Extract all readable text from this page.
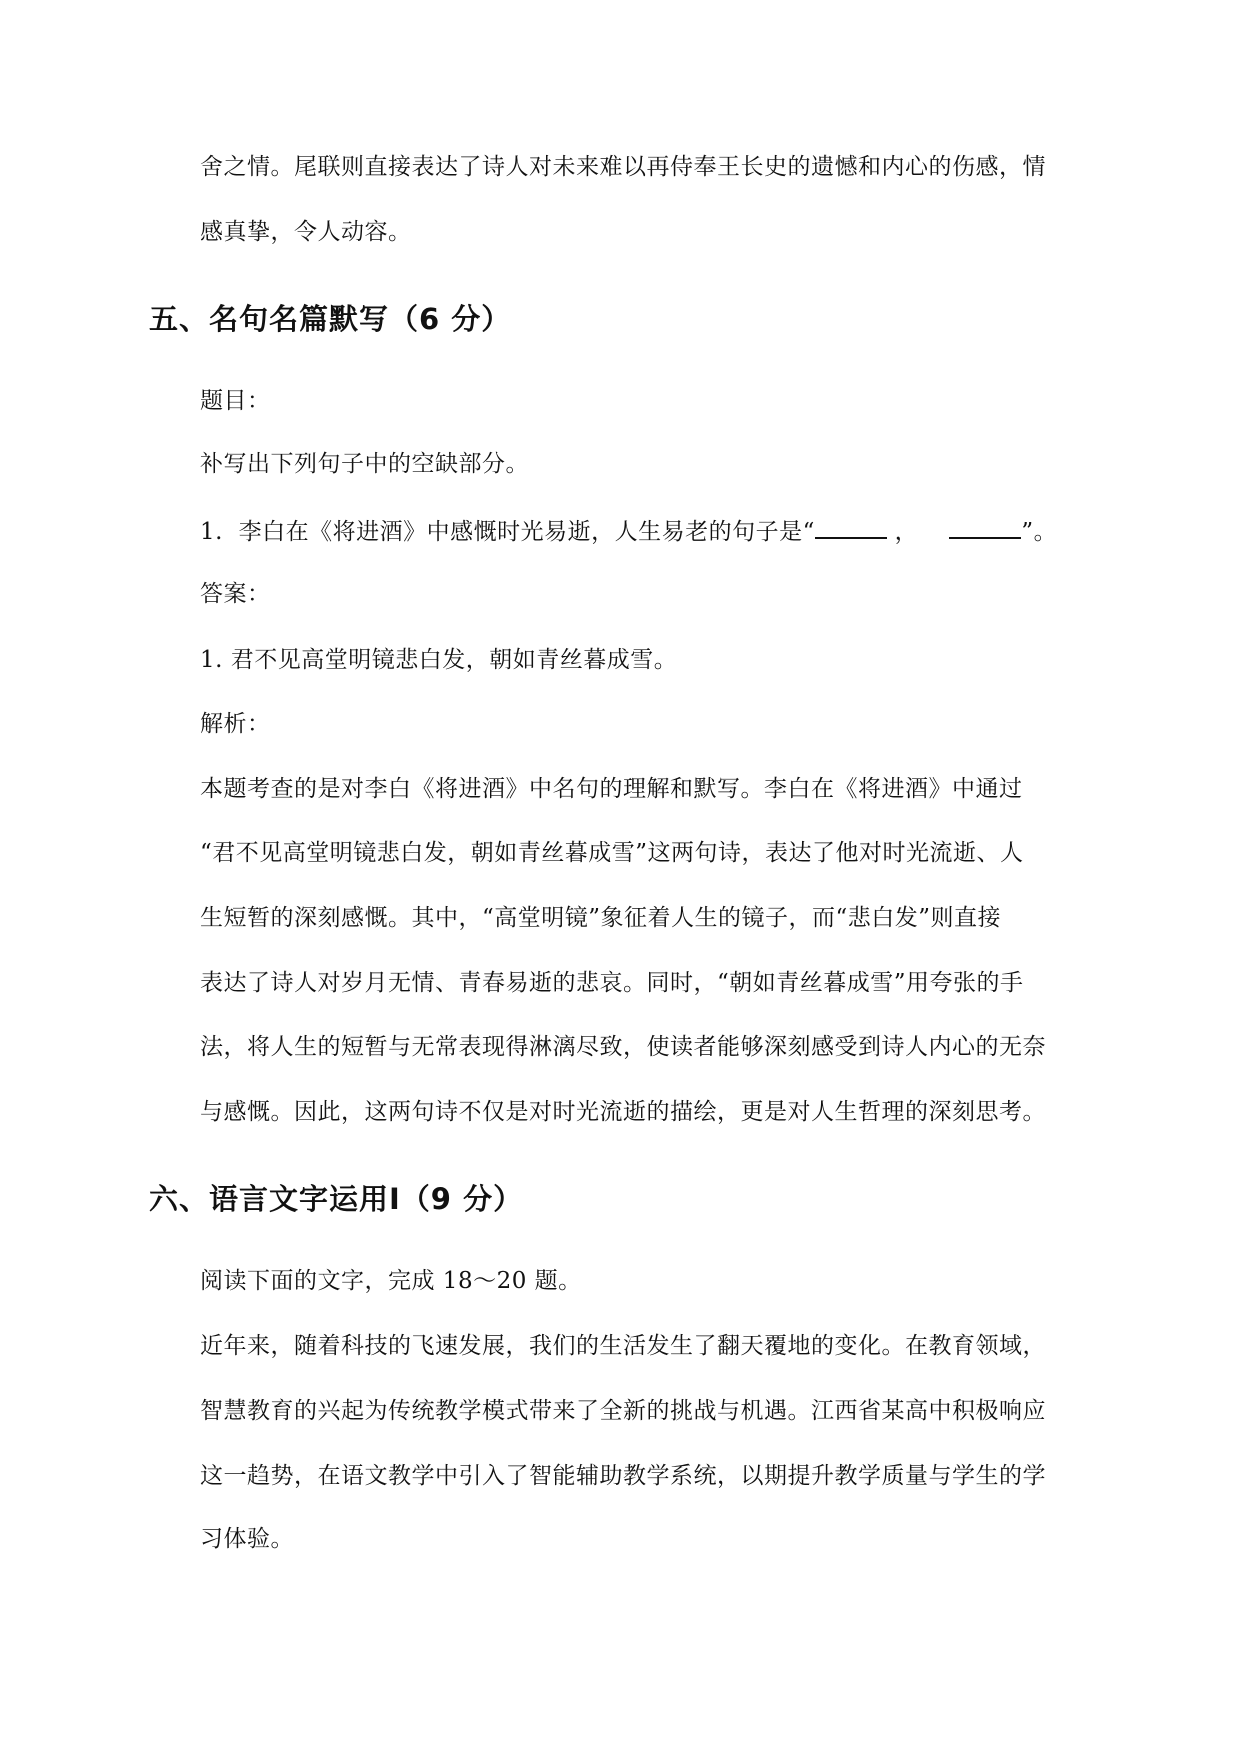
舍之情。尾联则直接表达了诗人对未来难以再侍奉王长史的遗憾和内心的伤感，情
感真挚，令人动容。
五、名句名篇默写（6 分）
题目：
补写出下列句子中的空缺部分。
1. 李白在《将进酒》中感慨时光易逝，人生易老的句子是“	，	”。
答案：
1. 君不见高堂明镜悲白发，朝如青丝暮成雪。
解析：
本题考查的是对李白《将进酒》中名句的理解和默写。李白在《将进酒》中通过
“君不见高堂明镜悲白发，朝如青丝暮成雪”这两句诗，表达了他对时光流逝、人
生短暂的深刻感慨。其中，“高堂明镜”象征着人生的镜子，而“悲白发”则直接
表达了诗人对岁月无情、青春易逝的悲哀。同时，“朝如青丝暮成雪”用夸张的手
法，将人生的短暂与无常表现得淋漓尽致，使读者能够深刻感受到诗人内心的无奈
与感慨。因此，这两句诗不仅是对时光流逝的描绘，更是对人生哲理的深刻思考。
六、语言文字运用Ⅰ（9 分）
阅读下面的文字，完成 18～20 题。
近年来，随着科技的飞速发展，我们的生活发生了翻天覆地的变化。在教育领域，
智慧教育的兴起为传统教学模式带来了全新的挑战与机遇。江西省某高中积极响应
这一趋势，在语文教学中引入了智能辅助教学系统，以期提升教学质量与学生的学
习体验。
